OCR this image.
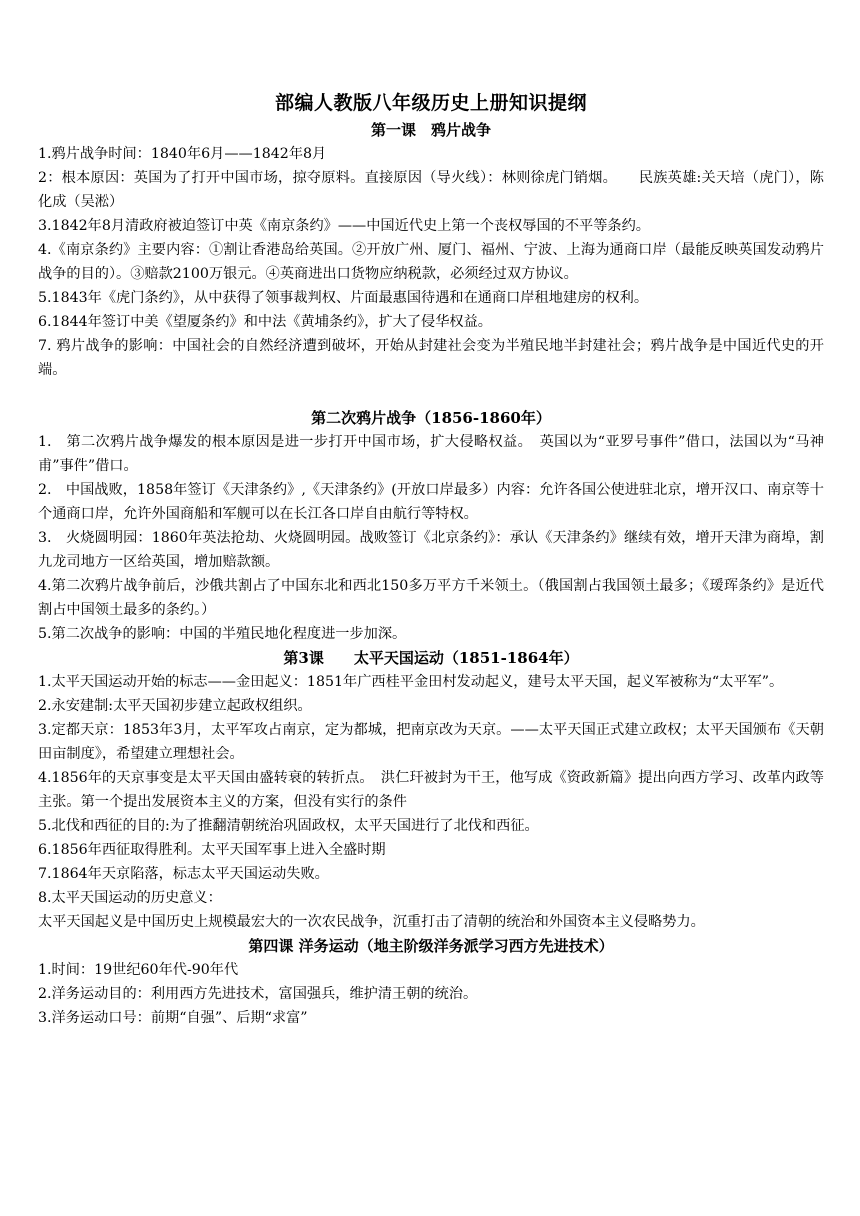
部编人教版八年级历史上册知识提纲
第一课　鸦片战争
1.鸦片战争时间：1840年6月——1842年8月
2：根本原因：英国为了打开中国市场，掠夺原料。直接原因（导火线）：林则徐虎门销烟。　　民族英雄:关天培（虎门），陈化成（吴淞）
3.1842年8月清政府被迫签订中英《南京条约》——中国近代史上第一个丧权辱国的不平等条约。
4.《南京条约》主要内容：①割让香港岛给英国。②开放广州、厦门、福州、宁波、上海为通商口岸（最能反映英国发动鸦片战争的目的）。③赔款2100万银元。④英商进出口货物应纳税款，必须经过双方协议。
5.1843年《虎门条约》，从中获得了领事裁判权、片面最惠国待遇和在通商口岸租地建房的权利。
6.1844年签订中美《望厦条约》和中法《黄埔条约》，扩大了侵华权益。
7. 鸦片战争的影响：中国社会的自然经济遭到破坏，开始从封建社会变为半殖民地半封建社会；鸦片战争是中国近代史的开端。
第二次鸦片战争（1856-1860年）
1.　第二次鸦片战争爆发的根本原因是进一步打开中国市场，扩大侵略权益。　英国以为“亚罗号事件”借口，法国以为“马神甫”事件”借口。
2.　中国战败，1858年签订《天津条约》,《天津条约》(开放口岸最多）内容：允许各国公使进驻北京，增开汉口、南京等十个通商口岸，允许外国商船和军舰可以在长江各口岸自由航行等特权。
3.　火烧圆明园：1860年英法抢劫、火烧圆明园。战败签订《北京条约》：承认《天津条约》继续有效，增开天津为商埠，割九龙司地方一区给英国，增加赔款额。
4.第二次鸦片战争前后，沙俄共割占了中国东北和西北150多万平方千米领土。（俄国割占我国领土最多；《瑷珲条约》是近代割占中国领土最多的条约。）
5.第二次战争的影响：中国的半殖民地化程度进一步加深。
第3课　　太平天国运动（1851-1864年）
1.太平天国运动开始的标志——金田起义：1851年广西桂平金田村发动起义，建号太平天国，起义军被称为“太平军”。
2.永安建制:太平天国初步建立起政权组织。
3.定都天京：1853年3月，太平军攻占南京，定为都城，把南京改为天京。——太平天国正式建立政权；太平天国颁布《天朝田亩制度》，希望建立理想社会。
4.1856年的天京事变是太平天国由盛转衰的转折点。　洪仁玕被封为干王，他写成《资政新篇》提出向西方学习、改革内政等主张。第一个提出发展资本主义的方案，但没有实行的条件
5.北伐和西征的目的:为了推翻清朝统治巩固政权，太平天国进行了北伐和西征。
6.1856年西征取得胜利。太平天国军事上进入全盛时期
7.1864年天京陷落，标志太平天国运动失败。
8.太平天国运动的历史意义：
太平天国起义是中国历史上规模最宏大的一次农民战争，沉重打击了清朝的统治和外国资本主义侵略势力。
第四课 洋务运动（地主阶级洋务派学习西方先进技术）
1.时间：19世纪60年代-90年代
2.洋务运动目的：利用西方先进技术，富国强兵，维护清王朝的统治。
3.洋务运动口号：前期“自强”、后期“求富”
